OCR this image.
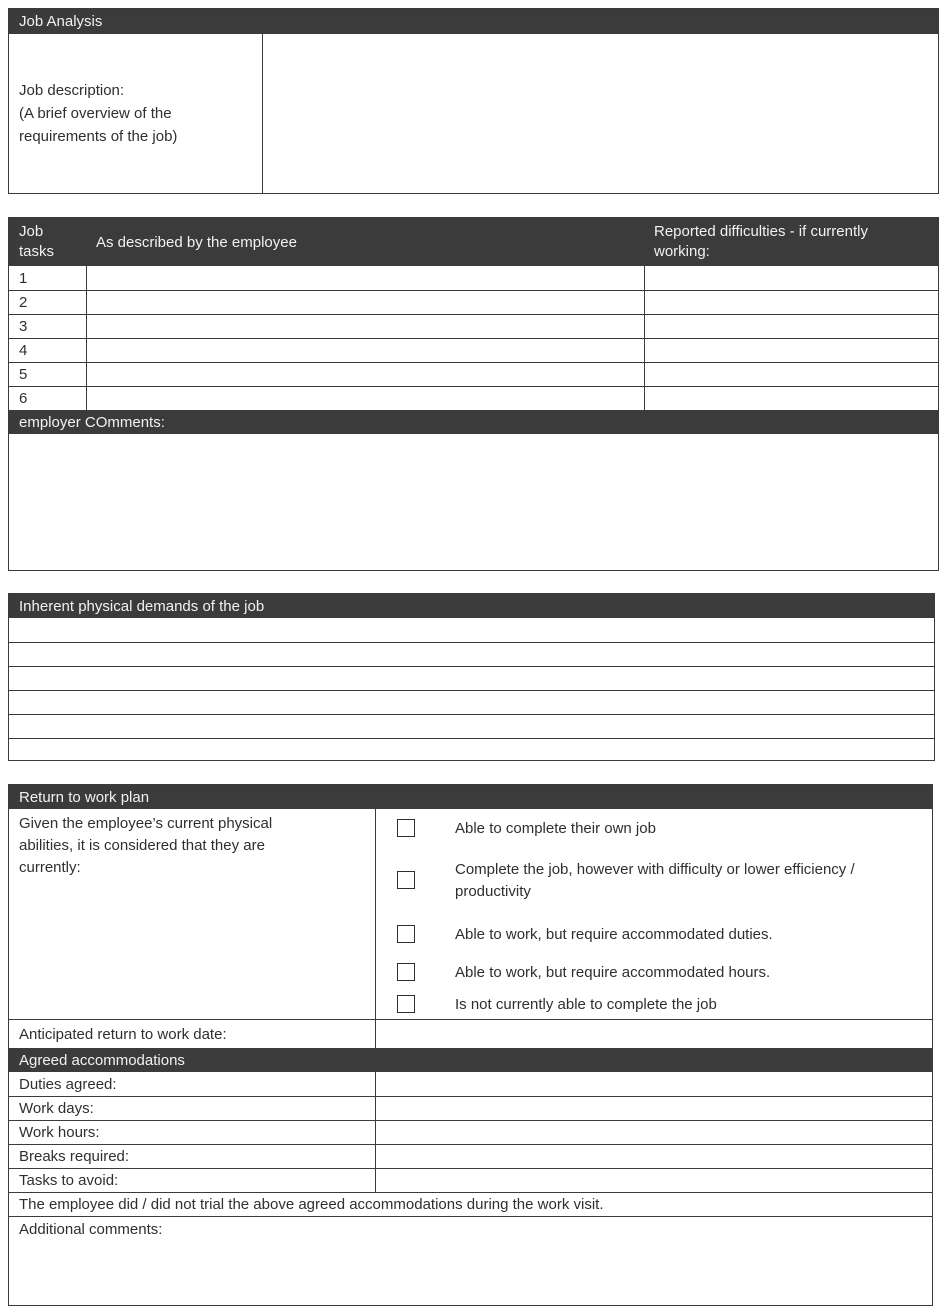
Job Analysis
Job description:
(A brief overview of the
requirements of the job)
Job
tasks
As described by the employee
Reported difficulties - if currently
working:
1
2
3
4
5
6
employer COmments:
Inherent physical demands of the job
Return to work plan
Given the employee’s current physical
abilities, it is considered that they are
currently:
Anticipated return to work date:
Agreed accommodations
Duties agreed:
Work days:
Work hours:
Breaks required:
Tasks to avoid:
The employee did / did not trial the above agreed accommodations during the work visit.
Additional comments:
Able to complete their own job
Complete the job, however with difficulty or lower efficiency / productivity
Able to work, but require accommodated duties.
Able to work, but require accommodated hours.
Is not currently able to complete the job
